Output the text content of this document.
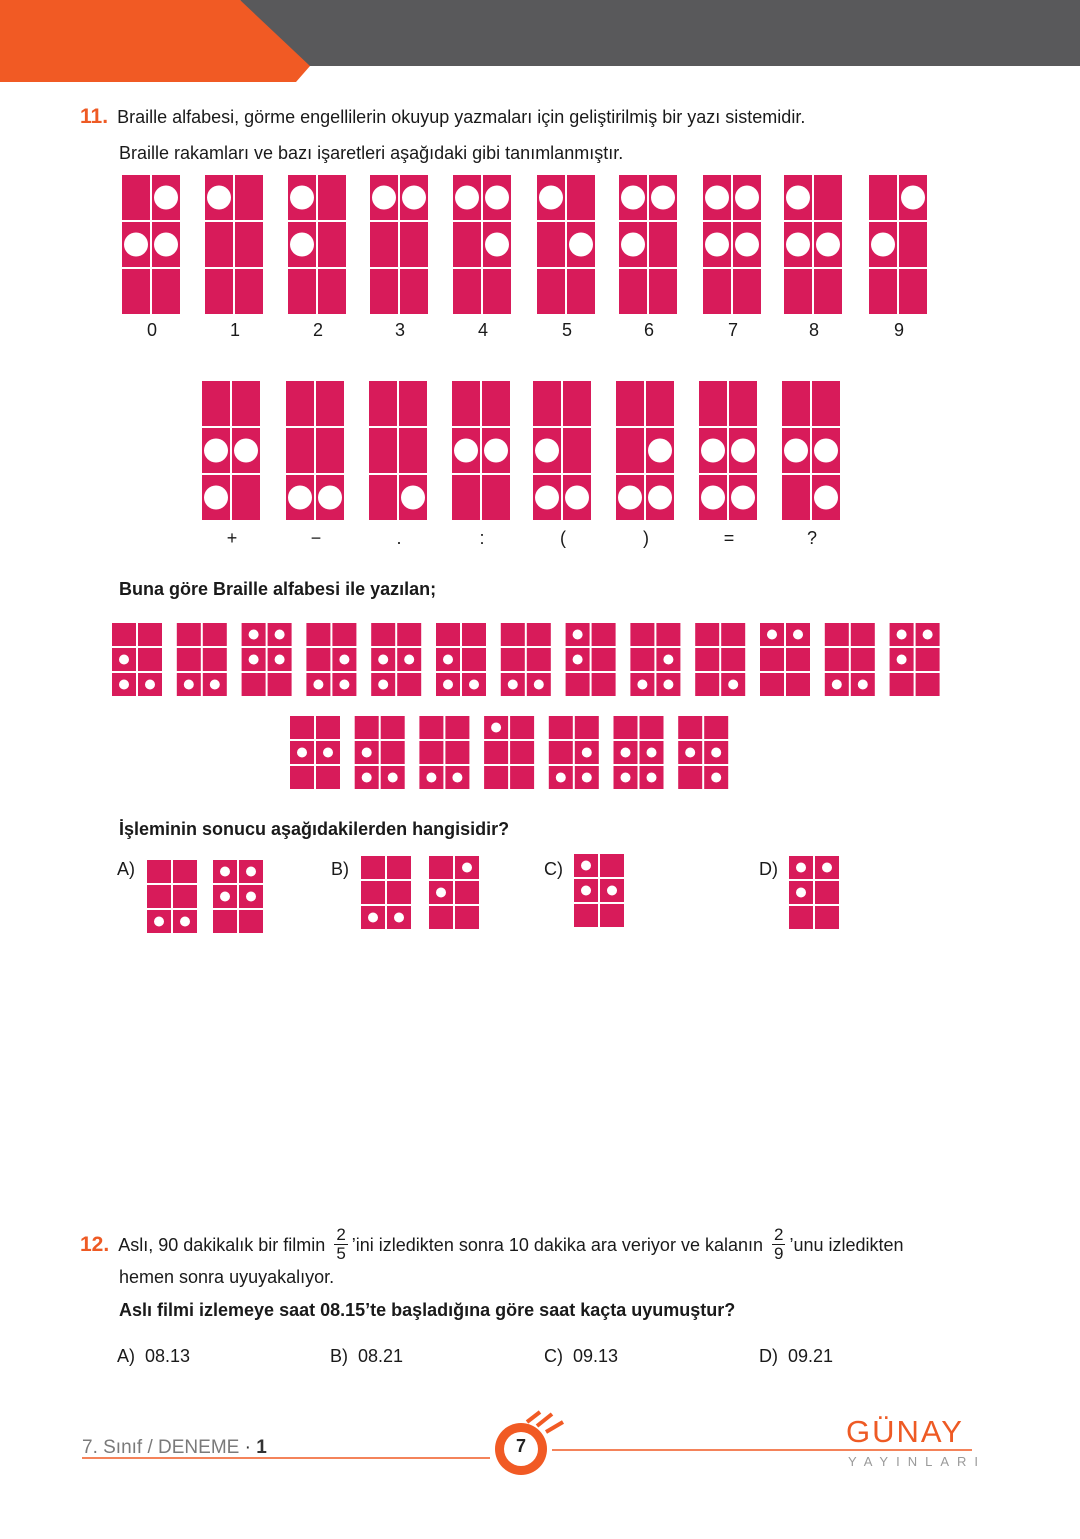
11. Braille alfabesi, görme engellilerin okuyup yazmaları için geliştirilmiş bir yazı sistemidir.
Braille rakamları ve bazı işaretleri aşağıdaki gibi tanımlanmıştır.
0	1	2	3	4	5	6	7	8	9
+	−	.	:	(	)	=	?
Buna göre Braille alfabesi ile yazılan;
İşleminin sonucu aşağıdakilerden hangisidir?
A)	B)	C)	D)
12. Aslı, 90 dakikalık bir filmin $\frac{2}{5}$ ’ini izledikten sonra 10 dakika ara veriyor ve kalanın $\frac{2}{9}$ ’unu izledikten
hemen sonra uyuyakalıyor.
Aslı filmi izlemeye saat 08.15’te başladığına göre saat kaçta uyumuştur?
A) 08.13	B) 08.21	C) 09.13	D) 09.21
7. Sınıf / DENEME · 1	7	GÜNAY
YAYINLARI
